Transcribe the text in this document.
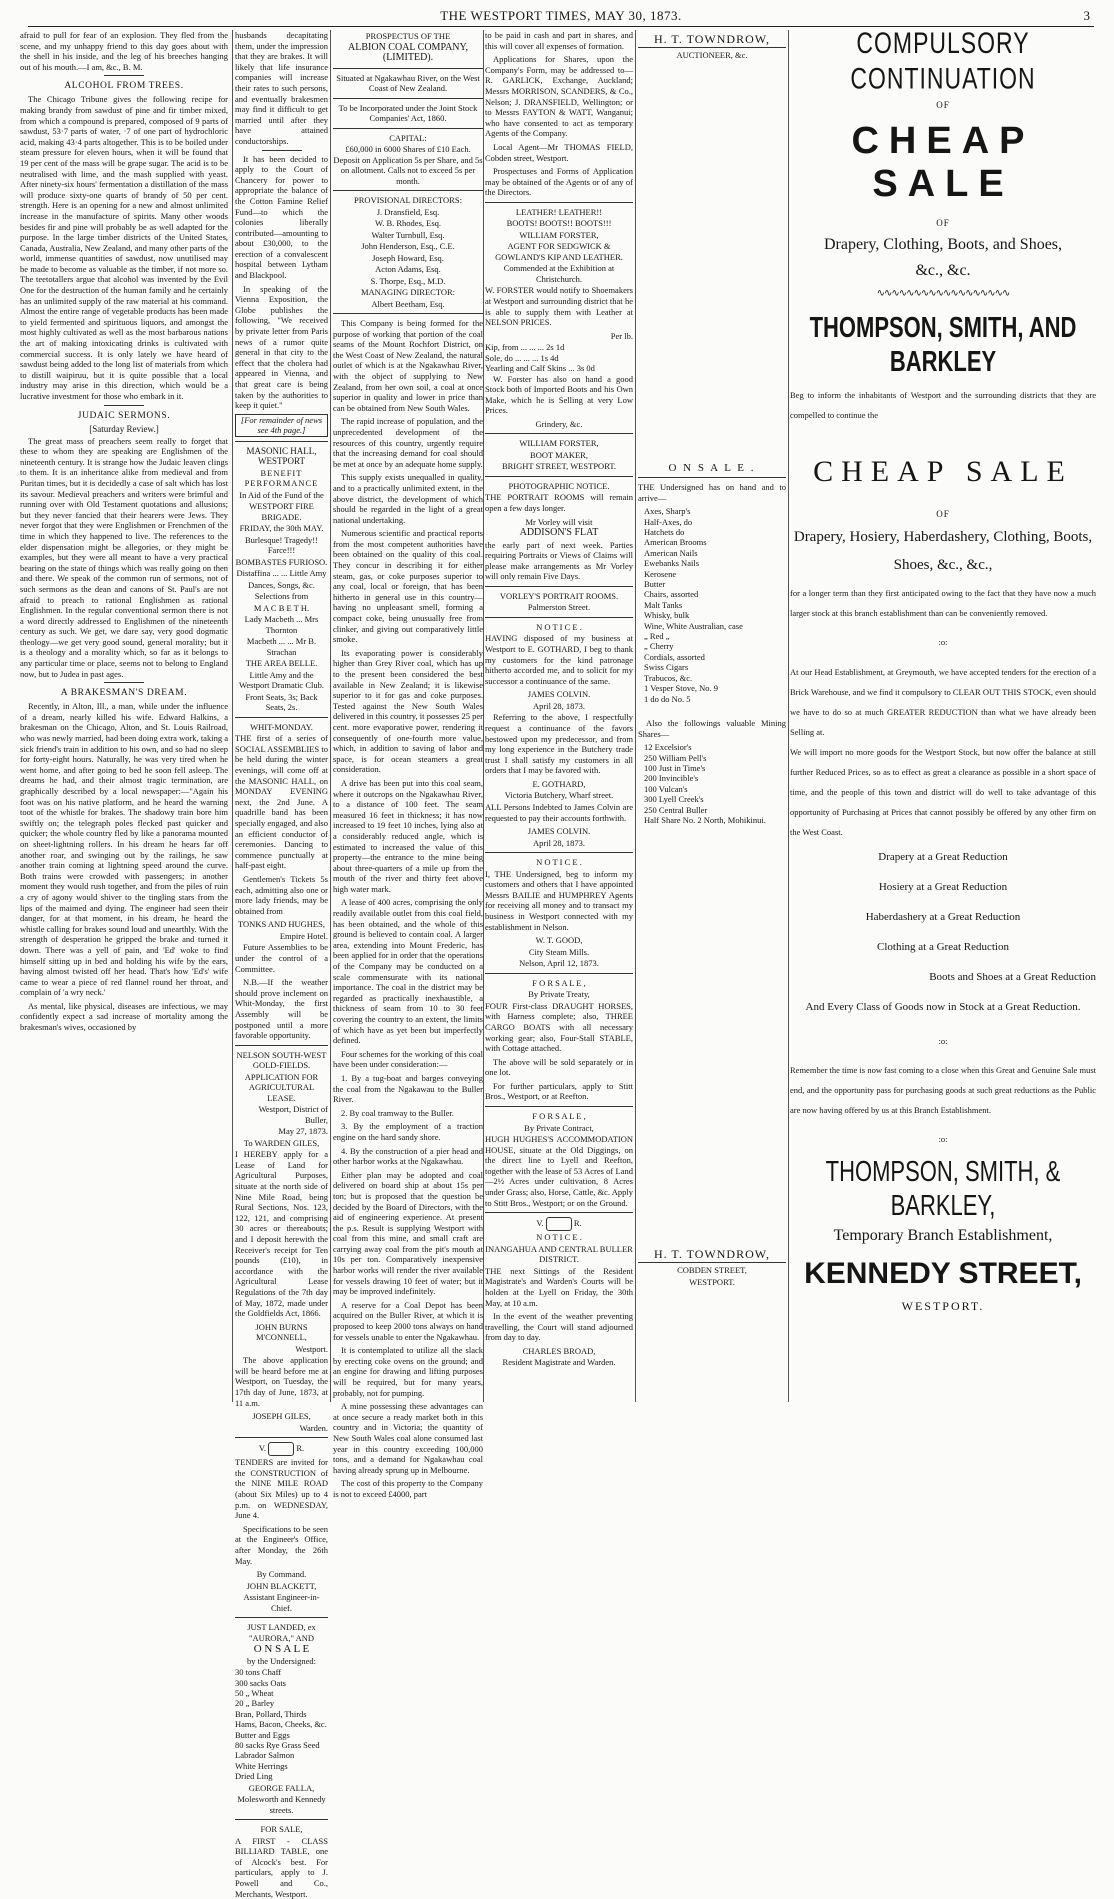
THE WESTPORT TIMES, MAY 30, 1873.	3

afraid to pull for fear of an explosion. They fled from the scene, and my unhappy friend to this day goes about with the shell in his inside, and the leg of his breeches hanging out of his mouth.—I am, &c., B. M.

ALCOHOL FROM TREES.

The Chicago Tribune gives the following recipe for making brandy from sawdust of pine and fir timber mixed, from which a compound is prepared, composed of 9 parts of sawdust, 53·7 parts of water, ·7 of one part of hydrochloric acid, making 43·4 parts altogether. This is to be boiled under steam pressure for eleven hours, when it will be found that 19 per cent of the mass will be grape sugar. The acid is to be neutralised with lime, and the mash supplied with yeast. After ninety-six hours' fermentation a distillation of the mass will produce sixty-one quarts of brandy of 50 per cent. strength. Here is an opening for a new and almost unlimited increase in the manufacture of spirits. Many other woods besides fir and pine will probably be as well adapted for the purpose. In the large timber districts of the United States, Canada, Australia, New Zealand, and many other parts of the world, immense quantities of sawdust, now unutilised may be made to become as valuable as the timber, if not more so. The teetotallers argue that alcohol was invented by the Evil One for the destruction of the human family and he certainly has an unlimited supply of the raw material at his command. Almost the entire range of vegetable products has been made to yield fermented and spirituous liquors, and amongst the most highly cultivated as well as the most barbarous nations the art of making intoxicating drinks is cultivated with commercial success. It is only lately we have heard of sawdust being added to the long list of materials from which to distill waipiruu, but it is quite possible that a local industry may arise in this direction, which would be a lucrative investment for those who embark in it.

JUDAIC SERMONS.
[Saturday Review.]

The great mass of preachers seem really to forget that these to whom they are speaking are Englishmen of the nineteenth century. It is strange how the Judaic leaven clings to them. It is an inheritance alike from medieval and from Puritan times, but it is decidedly a case of salt which has lost its savour. Medieval preachers and writers were brimful and running over with Old Testament quotations and allusions; but they never fancied that their hearers were Jews. They never forgot that they were Englishmen or Frenchmen of the time in which they happened to live. The references to the elder dispensation might be allegories, or they might be examples, but they were all meant to have a very practical bearing on the state of things which was really going on then and there. We speak of the common run of sermons, not of such sermons as the dean and canons of St. Paul's are not afraid to preach to rational Englishmen as rational Englishmen. In the regular conventional sermon there is not a word directly addressed to Englishmen of the nineteenth century as such. We get, we dare say, very good dogmatic theology—we get very good sound, general morality; but it is a theology and a morality which, so far as it belongs to any particular time or place, seems not to belong to England now, but to Judea in past ages.

A BRAKESMAN'S DREAM.

Recently, in Alton, Ill., a man, while under the influence of a dream, nearly killed his wife. Edward Halkins, a brakesman on the Chicago, Alton, and St. Louis Railroad, who was newly married, had been doing extra work, taking a sick friend's train in addition to his own, and so had no sleep for forty-eight hours. Naturally, he was very tired when he went home, and after going to bed he soon fell asleep. The dreams he had, and their almost tragic termination, are graphically described by a local newspaper:—"Again his foot was on his native platform, and he heard the warning toot of the whistle for brakes. The shadowy train bore him swiftly on; the telegraph poles flecked past quicker and quicker; the whole country fled by like a panorama mounted on sheet-lightning rollers. In his dream he hears far off another roar, and swinging out by the railings, he saw another train coming at lightning speed around the curve. Both trains were crowded with passengers; in another moment they would rush together, and from the piles of ruin a cry of agony would shiver to the tingling stars from the lips of the maimed and dying. The engineer had seen their danger, for at that moment, in his dream, he heard the whistle calling for brakes sound loud and unearthly. With the strength of desperation he gripped the brake and turned it down. There was a yell of pain, and 'Ed' woke to find himself sitting up in bed and holding his wife by the ears, having almost twisted off her head. That's how 'Ed's' wife came to wear a piece of red flannel round her throat, and complain of 'a wry neck.'

As mental, like physical, diseases are infectious, we may confidently expect a sad increase of mortality among the brakesman's wives, occasioned by

husbands decapitating them, under the impression that they are brakes. It will likely that life insurance companies will increase their rates to such persons, and eventually brakesmen may find it difficult to get married until after they have attained conductorships.

It has been decided to apply to the Court of Chancery for power to appropriate the balance of the Cotton Famine Relief Fund—to which the colonies liberally contributed—amounting to about £30,000, to the erection of a convalescent hospital between Lytham and Blackpool.

In speaking of the Vienna Exposition, the Globe publishes the following, "We received by private letter from Paris news of a rumor quite general in that city to the effect that the cholera had appeared in Vienna, and that great care is being taken by the authorities to keep it quiet."

[For remainder of news see 4th page.]
MASONIC HALL, WESTPORT
BENEFIT PERFORMANCE
In Aid of the Fund of the
WESTPORT FIRE BRIGADE.
FRIDAY, the 30th MAY.
Burlesque! Tragedy!! Farce!!!
BOMBASTES FURIOSO.
Distaffina ... ... Little Amy
Dances, Songs, &c.
Selections from
M A C B E T H.
Lady Macbeth ... Mrs Thornton
Macbeth ... ... Mr B. Strachan
THE AREA BELLE.
Little Amy and the Westport Dramatic Club.
Front Seats, 3s; Back Seats, 2s.
WHIT-MONDAY.

THE first of a series of SOCIAL ASSEMBLIES to be held during the winter evenings, will come off at the MASONIC HALL, on MONDAY EVENING next, the 2nd June. A quadrille band has been specially engaged, and also an efficient conductor of ceremonies. Dancing to commence punctually at half-past eight.

Gentlemen's Tickets 5s each, admitting also one or more lady friends, may be obtained from

TONKS AND HUGHES,
Empire Hotel.

Future Assemblies to be under the control of a Committee.

N.B.—If the weather should prove inclement on Whit-Monday, the first Assembly will be postponed until a more favorable opportunity.

NELSON SOUTH-WEST GOLD-FIELDS.
APPLICATION FOR AGRICULTURAL LEASE.
Westport, District of Buller,
May 27, 1873.
To WARDEN GILES,

I HEREBY apply for a Lease of Land for Agricultural Purposes, situate at the north side of Nine Mile Road, being Rural Sections, Nos. 123, 122, 121, and comprising 30 acres or thereabouts; and I deposit herewith the Receiver's receipt for Ten pounds (£10), in accordance with the Agricultural Lease Regulations of the 7th day of May, 1872, made under the Goldfields Act, 1866.

JOHN BURNS M'CONNELL,
Westport.

The above application will be heard before me at Westport, on Tuesday, the 17th day of June, 1873, at 11 a.m.

JOSEPH GILES,
Warden.
V.	R.

TENDERS are invited for the CONSTRUCTION of the NINE MILE ROAD (about Six Miles) up to 4 p.m. on WEDNESDAY, June 4.

Specifications to be seen at the Engineer's Office, after Monday, the 26th May.

By Command.
JOHN BLACKETT,
Assistant Engineer-in-Chief.
JUST LANDED, ex "AURORA," AND
O N S A L E
by the Undersigned:
30 tons Chaff
300 sacks Oats
50 „ Wheat
20 „ Barley
Bran, Pollard, Thirds
Hams, Bacon, Cheeks, &c.
Butter and Eggs
80 sacks Rye Grass Seed
Labrador Salmon
White Herrings
Dried Ling
GEORGE FALLA,
Molesworth and Kennedy streets.
FOR SALE,

A FIRST - CLASS BILLIARD TABLE, one of Alcock's best. For particulars, apply to J. Powell and Co., Merchants, Westport.

PROSPECTUS OF THE
ALBION COAL COMPANY, (LIMITED).
Situated at Ngakawhau River, on the West Coast of New Zealand.
To be Incorporated under the Joint Stock Companies' Act, 1860.
CAPITAL:
£60,000 in 6000 Shares of £10 Each. Deposit on Application 5s per Share, and 5s on allotment. Calls not to exceed 5s per month.
PROVISIONAL DIRECTORS:
J. Dransfield, Esq.
W. B. Rhodes, Esq.
Walter Turnbull, Esq.
John Henderson, Esq., C.E.
Joseph Howard, Esq.
Acton Adams, Esq.
S. Thorpe, Esq., M.D.
MANAGING DIRECTOR:
Albert Beetham, Esq.

This Company is being formed for the purpose of working that portion of the coal seams of the Mount Rochfort District, on the West Coast of New Zealand, the natural outlet of which is at the Ngakawhau River, with the object of supplying to New Zealand, from her own soil, a coal at once superior in quality and lower in price than can be obtained from New South Wales.

The rapid increase of population, and the unprecedented development of the resources of this country, urgently require that the increasing demand for coal should be met at once by an adequate home supply.

This supply exists unequalled in quality, and to a practically unlimited extent, in the above district, the development of which should be regarded in the light of a great national undertaking.

Numerous scientific and practical reports from the most competent authorities have been obtained on the quality of this coal. They concur in describing it for either steam, gas, or coke purposes superior to any coal, local or foreign, that has been hitherto in general use in this country—having no unpleasant smell, forming a compact coke, being unusually free from clinker, and giving out comparatively little smoke.

Its evaporating power is considerably higher than Grey River coal, which has up to the present been considered the best available in New Zealand; it is likewise superior to it for gas and coke purposes. Tested against the New South Wales delivered in this country, it possesses 25 per cent. more evaporative power, rendering it consequently of one-fourth more value, which, in addition to saving of labor and space, is for ocean steamers a great consideration.

A drive has been put into this coal seam, where it outcrops on the Ngakawhau River, to a distance of 100 feet. The seam measured 16 feet in thickness; it has now increased to 19 feet 10 inches, lying also at a considerably reduced angle, which is estimated to increased the value of this property—the entrance to the mine being about three-quarters of a mile up from the mouth of the river and thirty feet above high water mark.

A lease of 400 acres, comprising the only readily available outlet from this coal field, has been obtained, and the whole of this ground is believed to contain coal. A larger area, extending into Mount Frederic, has been applied for in order that the operations of the Company may be conducted on a scale commensurate with its national importance. The coal in the district may be regarded as practically inexhaustible, a thickness of seam from 10 to 30 feet covering the country to an extent, the limits of which have as yet been but imperfectly defined.

Four schemes for the working of this coal have been under consideration:—

1. By a tug-boat and barges conveying the coal from the Ngakawau to the Buller River.
2. By coal tramway to the Buller.
3. By the employment of a traction engine on the hard sandy shore.
4. By the construction of a pier head and other harbor works at the Ngakawhau.

Either plan may be adopted and coal delivered on board ship at about 15s per ton; but is proposed that the question be decided by the Board of Directors, with the aid of engineering experience. At present the p.s. Result is supplying Westport with coal from this mine, and small craft are carrying away coal from the pit's mouth at 10s per ton. Comparatively inexpensive harbor works will render the river available for vessels drawing 10 feet of water; but it may be improved indefinitely.

A reserve for a Coal Depot has been acquired on the Buller River, at which it is proposed to keep 2000 tons always on hand for vessels unable to enter the Ngakawhau.

It is contemplated to utilize all the slack by erecting coke ovens on the ground; and an engine for drawing and lifting purposes will be required, but for many years, probably, not for pumping.

A mine possessing these advantages can at once secure a ready market both in this country and in Victoria; the quantity of New South Wales coal alone consumed last year in this country exceeding 100,000 tons, and a demand for Ngakawhau coal having already sprung up in Melbourne.

The cost of this property to the Company is not to exceed £4000, part

to be paid in cash and part in shares, and this will cover all expenses of formation.

Applications for Shares, upon the Company's Form, may be addressed to—R. GARLICK, Exchange, Auckland; Messrs MORRISON, SCANDERS, & Co., Nelson; J. DRANSFIELD, Wellington; or to Messrs FAYTON & WATT, Wanganui; who have consented to act as temporary Agents of the Company.

Local Agent—Mr THOMAS FIELD, Cobden street, Westport.

Prospectuses and Forms of Application may be obtained of the Agents or of any of the Directors.

LEATHER! LEATHER!!
BOOTS! BOOTS!! BOOTS!!!
WILLIAM FORSTER,
AGENT FOR SEDGWICK & GOWLAND'S KIP AND LEATHER.
Commended at the Exhibition at Christchurch.

W. FORSTER would notify to Shoemakers at Westport and surrounding district that he is able to supply them with Leather at NELSON PRICES.

Per lb.
Kip, from ... ... ... 2s 1d
Sole, do ... ... ... 1s 4d
Yearling and Calf Skins ... 3s 0d

W. Forster has also on hand a good Stock both of Imported Boots and his Own Make, which he is Selling at very Low Prices.

Grindery, &c.
WILLIAM FORSTER,
BOOT MAKER,
BRIGHT STREET, WESTPORT.
PHOTOGRAPHIC NOTICE.

THE PORTRAIT ROOMS will remain open a few days longer.

Mr Vorley will visit
ADDISON'S FLAT

the early part of next week. Parties requiring Portraits or Views of Claims will please make arrangements as Mr Vorley will only remain Five Days.

VORLEY'S PORTRAIT ROOMS.
Palmerston Street.
N O T I C E .

HAVING disposed of my business at Westport to E. GOTHARD, I beg to thank my customers for the kind patronage hitherto accorded me, and to solicit for my successor a continuance of the same.

JAMES COLVIN.
April 28, 1873.

Referring to the above, I respectfully request a continuance of the favors bestowed upon my predecessor, and from my long experience in the Butchery trade trust I shall satisfy my customers in all orders that I may be favored with.

E. GOTHARD,
Victoria Butchery, Wharf street.

ALL Persons Indebted to James Colvin are requested to pay their accounts forthwith.

JAMES COLVIN.
April 28, 1873.
N O T I C E .

I, THE Undersigned, beg to inform my customers and others that I have appointed Messrs BAILIE and HUMPHREY Agents for receiving all money and to transact my business in Westport connected with my establishment in Nelson.

W. T. GOOD,
City Steam Mills.
Nelson, April 12, 1873.
F O R S A L E ,
By Private Treaty,

FOUR First-class DRAUGHT HORSES, with Harness complete; also, THREE CARGO BOATS with all necessary working gear; also, Four-Stall STABLE, with Cottage attached.

The above will be sold separately or in one lot.

For further particulars, apply to Stitt Bros., Westport, or at Reefton.

F O R S A L E ,
By Private Contract,

HUGH HUGHES'S ACCOMMODATION HOUSE, situate at the Old Diggings, on the direct line to Lyell and Reefton, together with the lease of 53 Acres of Land—2½ Acres under cultivation, 8 Acres under Grass; also, Horse, Cattle, &c. Apply to Stitt Bros., Westport; or on the Ground.

V.	R.
N O T I C E .
INANGAHUA AND CENTRAL BULLER DISTRICT.

THE next Sittings of the Resident Magistrate's and Warden's Courts will be holden at the Lyell on Friday, the 30th May, at 10 a.m.

In the event of the weather preventing travelling, the Court will stand adjourned from day to day.

CHARLES BROAD,
Resident Magistrate and Warden.
H. T. TOWNDROW,
AUCTIONEER, &c.
O N S A L E .

THE Undersigned has on hand and to arrive—

Axes, Sharp's
Half-Axes, do
Hatchets do
American Brooms
American Nails
Ewebanks Nails
Kerosene
Butter
Chairs, assorted
Malt Tanks
Whisky, bulk
Wine, White Australian, case
„ Red „
„ Cherry
Cordials, assorted
Swiss Cigars
Trabucos, &c.
1 Vesper Stove, No. 9
1 do do No. 5

Also the followings valuable Mining Shares—

12 Excelsior's
250 William Pell's
100 Just in Time's
200 Invincible's
100 Vulcan's
300 Lyell Creek's
250 Central Buller
Half Share No. 2 North, Mohikinui.
H. T. TOWNDROW,
COBDEN STREET,
WESTPORT.
COMPULSORY CONTINUATION
OF
CHEAP SALE
OF
Drapery, Clothing, Boots, and Shoes,
&c., &c.
∿∿∿∿∿∿∿∿∿∿∿∿∿∿∿∿∿∿
THOMPSON, SMITH, AND BARKLEY

Beg to inform the inhabitants of Westport and the surrounding districts that they are compelled to continue the

CHEAP SALE
OF
Drapery, Hosiery, Haberdashery, Clothing, Boots, Shoes, &c., &c.,

for a longer term than they first anticipated owing to the fact that they have now a much larger stock at this branch establishment than can be conveniently removed.

:o:

At our Head Establishment, at Greymouth, we have accepted tenders for the erection of a Brick Warehouse, and we find it compulsory to CLEAR OUT THIS STOCK, even should we have to do so at much GREATER REDUCTION than what we have already been Selling at.

We will import no more goods for the Westport Stock, but now offer the balance at still further Reduced Prices, so as to effect as great a clearance as possible in a short space of time, and the people of this town and district will do well to take advantage of this opportunity of Purchasing at Prices that cannot possibly be offered by any other firm on the West Coast.

Drapery at a Great Reduction

Hosiery at a Great Reduction

Haberdashery at a Great Reduction

Clothing at a Great Reduction

Boots and Shoes at a Great Reduction

And Every Class of Goods now in Stock at a Great Reduction.

:o:

Remember the time is now fast coming to a close when this Great and Genuine Sale must end, and the opportunity pass for purchasing goods at such great reductions as the Public are now having offered by us at this Branch Establishment.

:o:
THOMPSON, SMITH, & BARKLEY,
Temporary Branch Establishment,
KENNEDY STREET,
WESTPORT.
